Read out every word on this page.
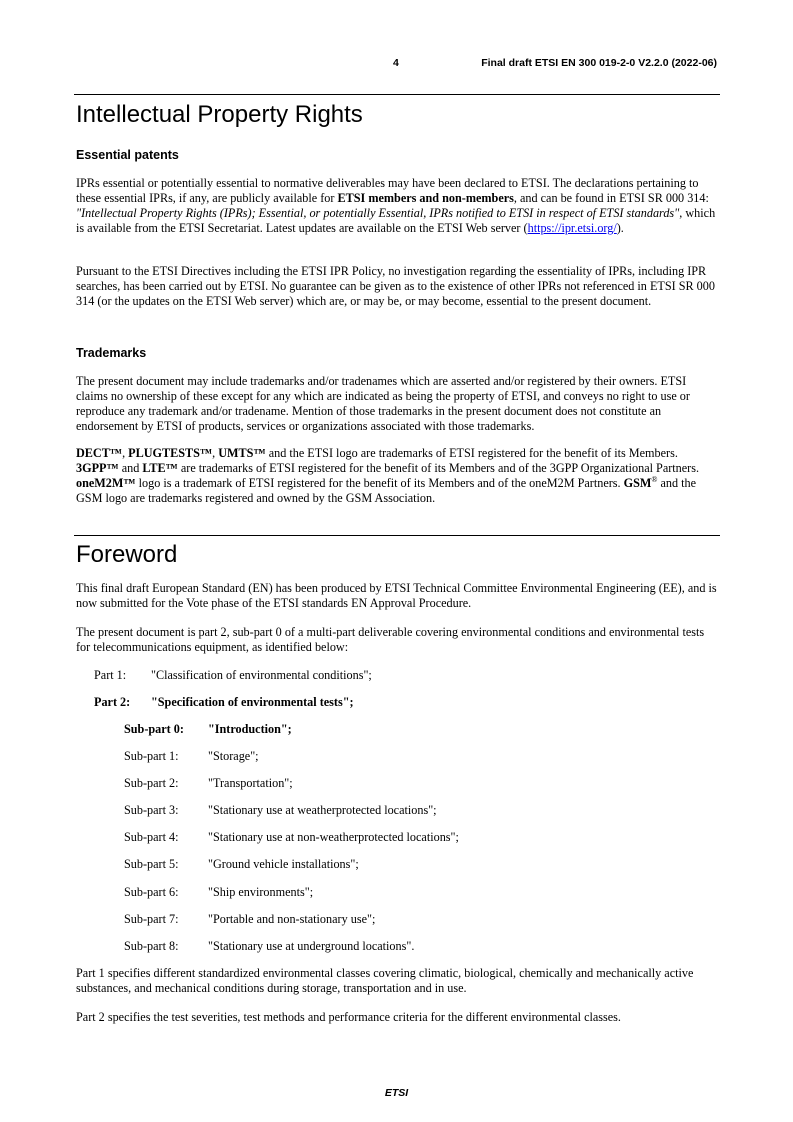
4	Final draft ETSI EN 300 019-2-0 V2.2.0 (2022-06)
Intellectual Property Rights
Essential patents

IPRs essential or potentially essential to normative deliverables may have been declared to ETSI. The declarations pertaining to these essential IPRs, if any, are publicly available for ETSI members and non-members, and can be found in ETSI SR 000 314: "Intellectual Property Rights (IPRs); Essential, or potentially Essential, IPRs notified to ETSI in respect of ETSI standards", which is available from the ETSI Secretariat. Latest updates are available on the ETSI Web server (https://ipr.etsi.org/).

Pursuant to the ETSI Directives including the ETSI IPR Policy, no investigation regarding the essentiality of IPRs, including IPR searches, has been carried out by ETSI. No guarantee can be given as to the existence of other IPRs not referenced in ETSI SR 000 314 (or the updates on the ETSI Web server) which are, or may be, or may become, essential to the present document.

Trademarks

The present document may include trademarks and/or tradenames which are asserted and/or registered by their owners. ETSI claims no ownership of these except for any which are indicated as being the property of ETSI, and conveys no right to use or reproduce any trademark and/or tradename. Mention of those trademarks in the present document does not constitute an endorsement by ETSI of products, services or organizations associated with those trademarks.

DECT™, PLUGTESTS™, UMTS™ and the ETSI logo are trademarks of ETSI registered for the benefit of its Members. 3GPP™ and LTE™ are trademarks of ETSI registered for the benefit of its Members and of the 3GPP Organizational Partners. oneM2M™ logo is a trademark of ETSI registered for the benefit of its Members and of the oneM2M Partners. GSM® and the GSM logo are trademarks registered and owned by the GSM Association.

Foreword

This final draft European Standard (EN) has been produced by ETSI Technical Committee Environmental Engineering (EE), and is now submitted for the Vote phase of the ETSI standards EN Approval Procedure.

The present document is part 2, sub-part 0 of a multi-part deliverable covering environmental conditions and environmental tests for telecommunications equipment, as identified below:

Part 1: "Classification of environmental conditions";
Part 2: "Specification of environmental tests";
Sub-part 0: "Introduction";
Sub-part 1: "Storage";
Sub-part 2: "Transportation";
Sub-part 3: "Stationary use at weatherprotected locations";
Sub-part 4: "Stationary use at non-weatherprotected locations";
Sub-part 5: "Ground vehicle installations";
Sub-part 6: "Ship environments";
Sub-part 7: "Portable and non-stationary use";
Sub-part 8: "Stationary use at underground locations".

Part 1 specifies different standardized environmental classes covering climatic, biological, chemically and mechanically active substances, and mechanical conditions during storage, transportation and in use.

Part 2 specifies the test severities, test methods and performance criteria for the different environmental classes.

ETSI
